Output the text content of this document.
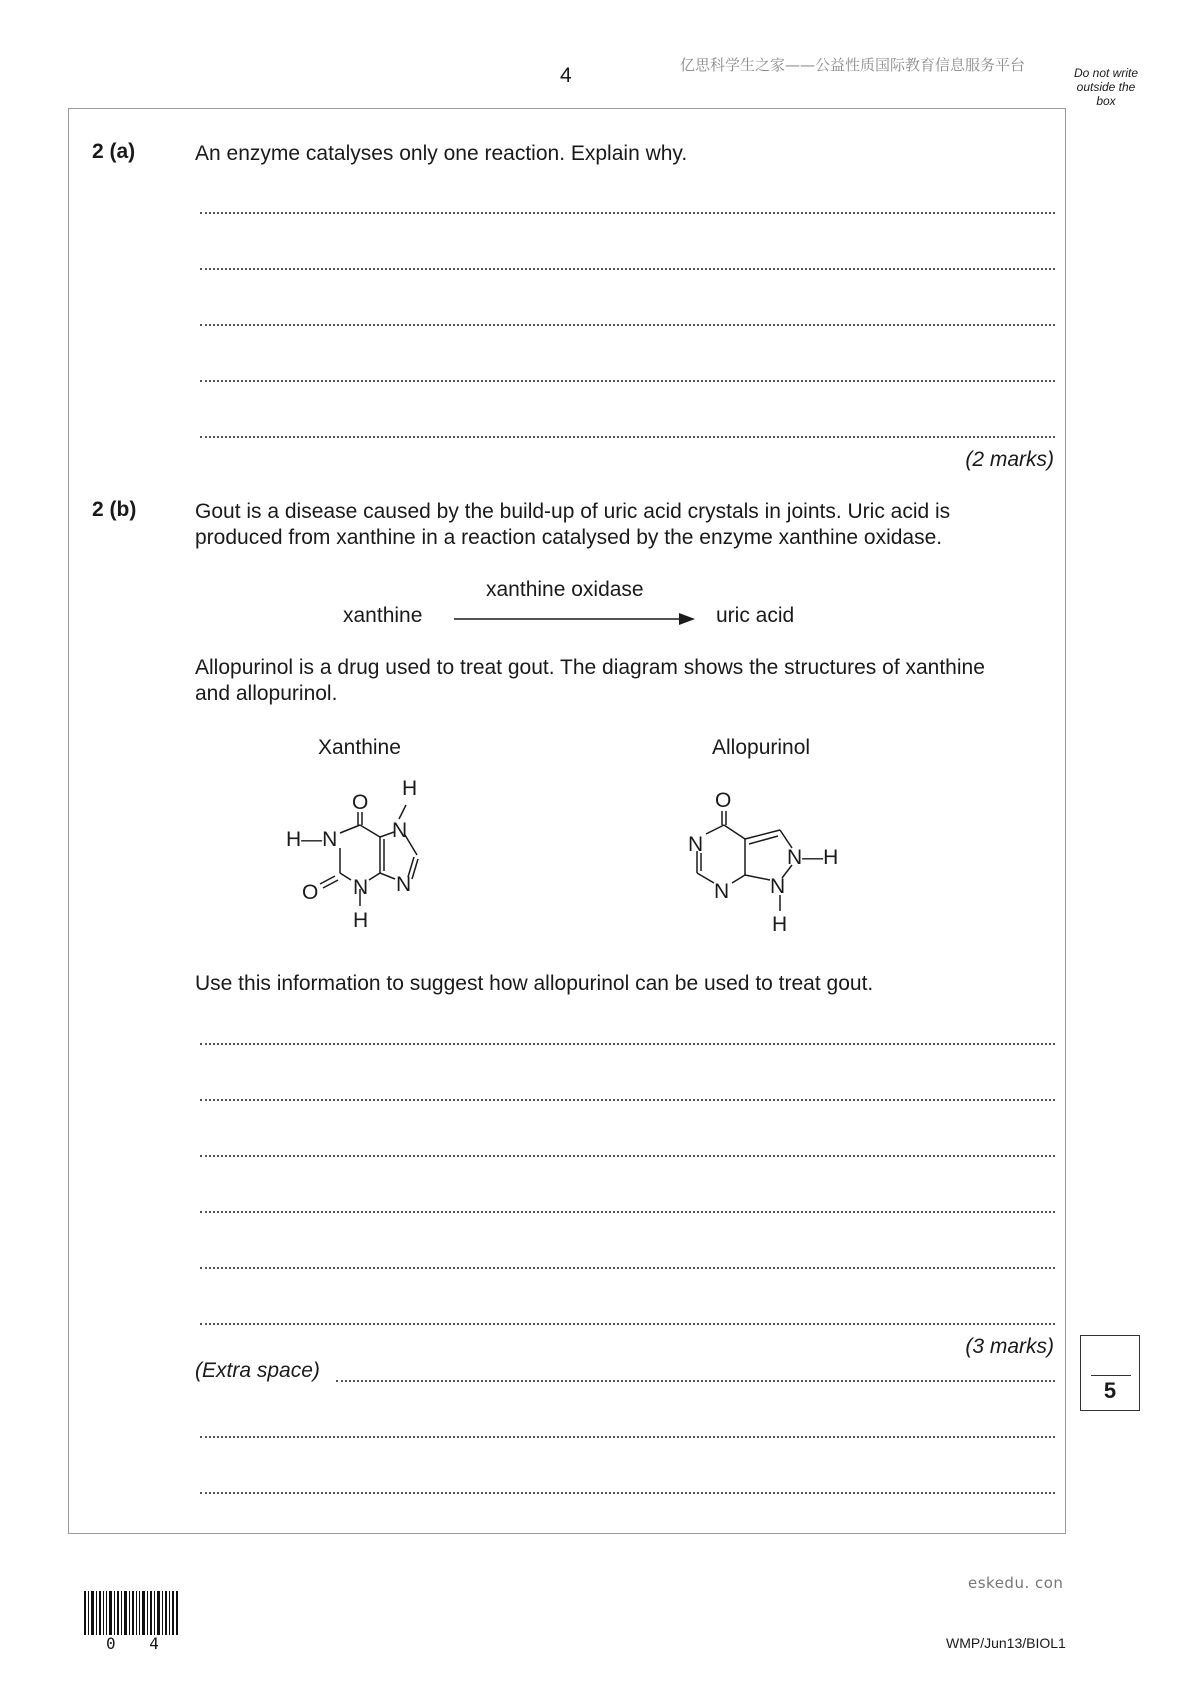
4	亿思科学生之家——公益性质国际教育信息服务平台	Do not write outside the box
2 (a)	An enzyme catalyses only one reaction. Explain why.
(2 marks)
2 (b)	Gout is a disease caused by the build-up of uric acid crystals in joints. Uric acid is
produced from xanthine in a reaction catalysed by the enzyme xanthine oxidase.
xanthine oxidase
xanthine	uric acid
Allopurinol is a drug used to treat gout. The diagram shows the structures of xanthine
and allopurinol.
Xanthine	Allopurinol
O
H—N
O N
H
N
N
H
O
N
N
N—H
N
H
Use this information to suggest how allopurinol can be used to treat gout.
(3 marks)
(Extra space)
5
eskedu. con
0 4	WMP/Jun13/BIOL1
